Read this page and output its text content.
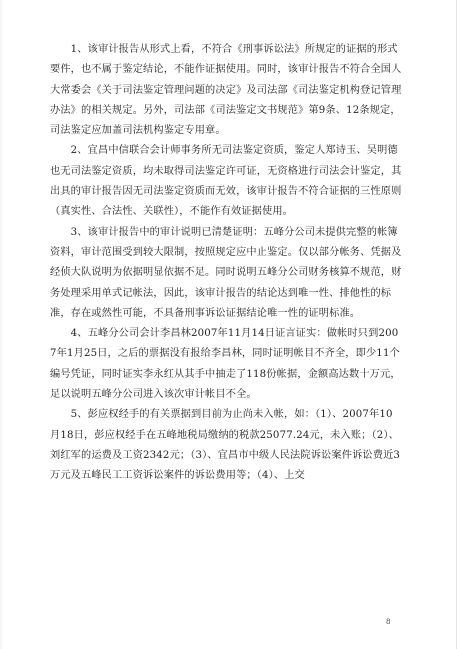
　　1、该审计报告从形式上看，不符合《刑事诉讼法》所规定的证据的形式要件，也不属于鉴定结论，不能作证据使用。同时，该审计报告不符合全国人大常委会《关于司法鉴定管理问题的决定》及司法部《司法鉴定机构登记管理办法》的相关规定。另外，司法部《司法鉴定文书规范》第9条、12条规定，司法鉴定应加盖司法机构鉴定专用章。

　　2、宜昌中信联合会计师事务所无司法鉴定资质，鉴定人郑诗玉、吴明德也无司法鉴定资质，均未取得司法鉴定许可证，无资格进行司法会计鉴定，其出具的审计报告因无司法鉴定资质而无效，该审计报告不符合证据的三性原则（真实性、合法性、关联性），不能作有效证据使用。

　　3、该审计报告中的审计说明已清楚证明：五峰分公司未提供完整的帐簿资料，审计范围受到较大限制，按照规定应中止鉴定。仅以部分帐务、凭据及经侦大队说明为依据明显依据不足。同时说明五峰分公司财务核算不规范，财务处理采用单式记帐法，因此，该审计报告的结论达到唯一性、排他性的标准，存在或然性可能，不具备刑事诉讼证据结论唯一性的证明标准。

　　4、五峰分公司会计李昌林2007年11月14日证言证实：做帐时只到2007年1月25日，之后的票据没有报给李昌林，同时证明帐目不齐全，即少11个编号凭证，同时证实李永红从其手中抽走了118份帐据，金额高达数十万元，足以说明五峰分公司进入该次审计帐目不全。

　　5、彭应权经手的有关票据到目前为止尚未入帐，如：（1）、2007年10月18日，彭应权经手在五峰地税局缴纳的税款25077.24元，未入账；（2）、刘红军的运费及工资2342元；（3）、宜昌市中级人民法院诉讼案件诉讼费近3万元及五峰民工工资诉讼案件的诉讼费用等；（4）、上交

8
